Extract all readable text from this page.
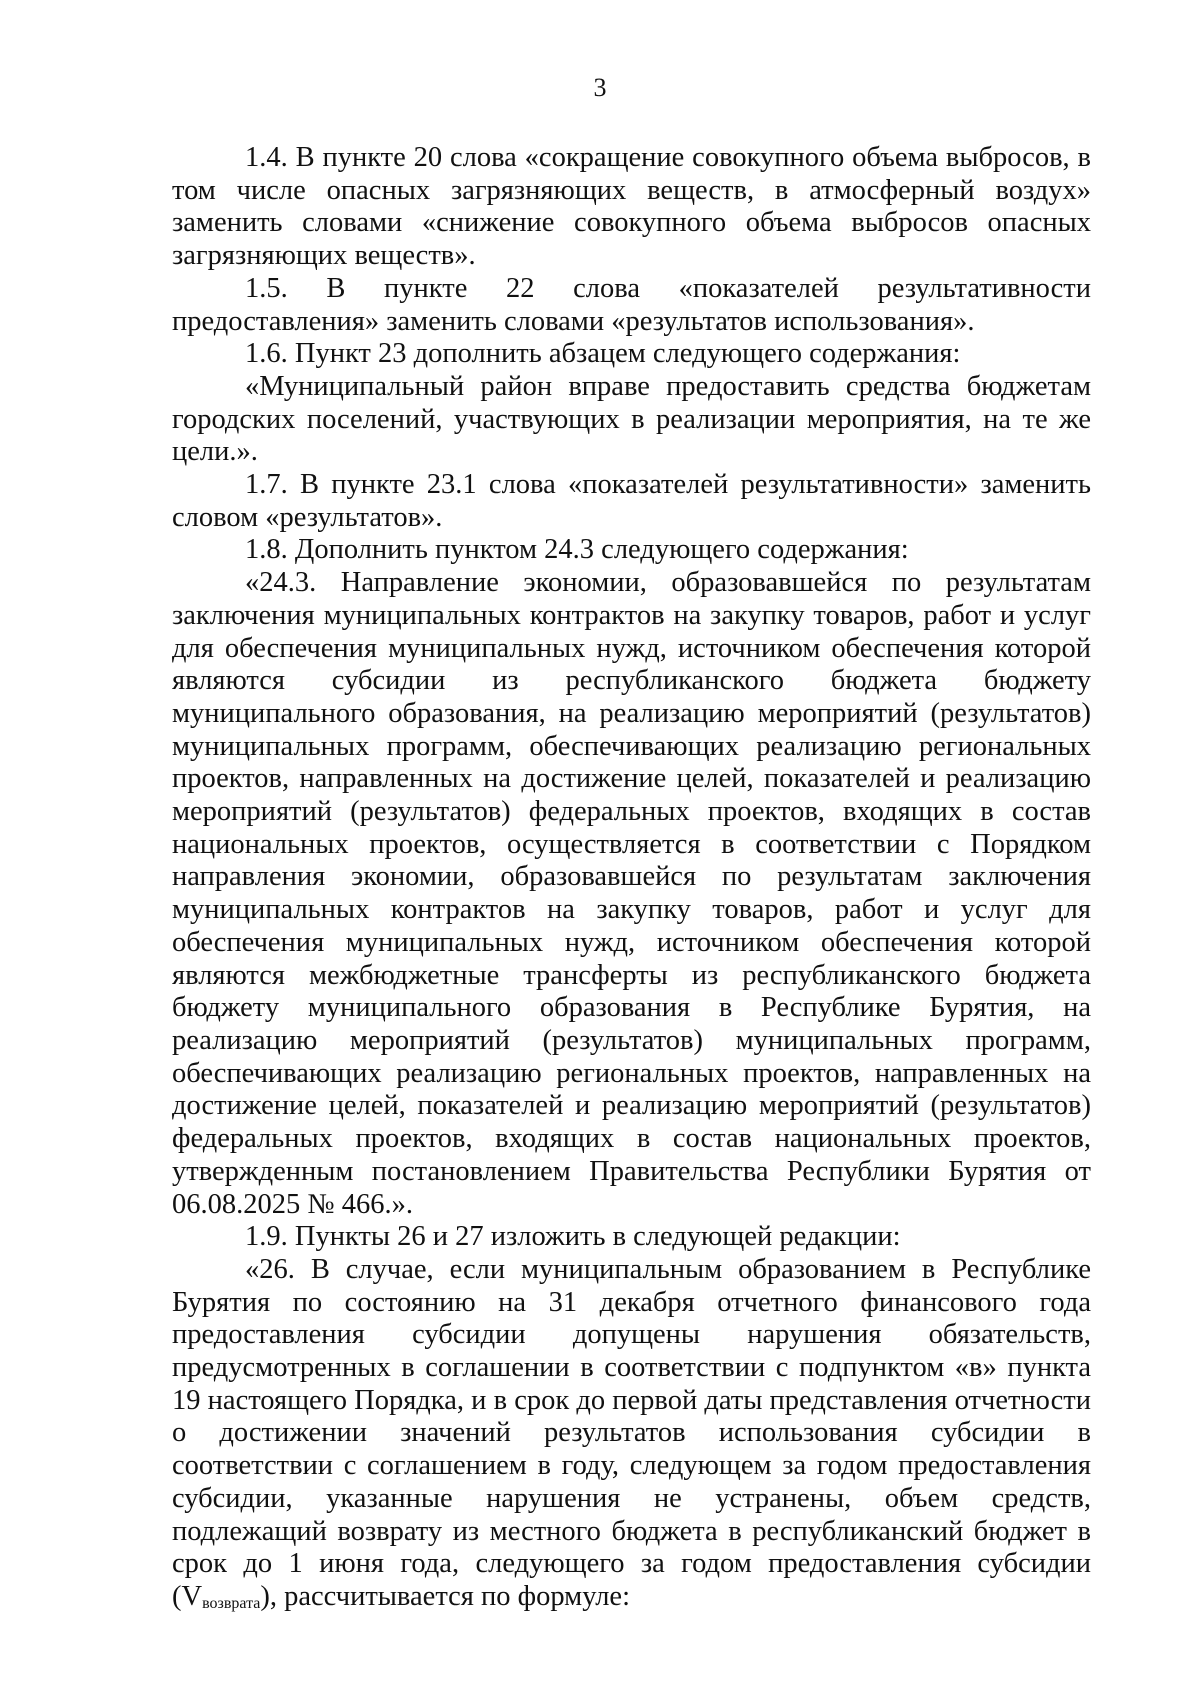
3

1.4. В пункте 20 слова «сокращение совокупного объема выбросов, в том числе опасных загрязняющих веществ, в атмосферный воздух» заменить словами «снижение совокупного объема выбросов опасных загрязняющих веществ».

1.5. В пункте 22 слова «показателей результативности предоставления» заменить словами «результатов использования».

1.6. Пункт 23 дополнить абзацем следующего содержания:

«Муниципальный район вправе предоставить средства бюджетам городских поселений, участвующих в реализации мероприятия, на те же цели.».

1.7. В пункте 23.1 слова «показателей результативности» заменить словом «результатов».

1.8. Дополнить пунктом 24.3 следующего содержания:

«24.3. Направление экономии, образовавшейся по результатам заключения муниципальных контрактов на закупку товаров, работ и услуг для обеспечения муниципальных нужд, источником обеспечения которой являются субсидии из республиканского бюджета бюджету муниципального образования, на реализацию мероприятий (результатов) муниципальных программ, обеспечивающих реализацию региональных проектов, направленных на достижение целей, показателей и реализацию мероприятий (результатов) федеральных проектов, входящих в состав национальных проектов, осуществляется в соответствии с Порядком направления экономии, образовавшейся по результатам заключения муниципальных контрактов на закупку товаров, работ и услуг для обеспечения муниципальных нужд, источником обеспечения которой являются межбюджетные трансферты из республиканского бюджета бюджету муниципального образования в Республике Бурятия, на реализацию мероприятий (результатов) муниципальных программ, обеспечивающих реализацию региональных проектов, направленных на достижение целей, показателей и реализацию мероприятий (результатов) федеральных проектов, входящих в состав национальных проектов, утвержденным постановлением Правительства Республики Бурятия от 06.08.2025 № 466.».

1.9. Пункты 26 и 27 изложить в следующей редакции:

«26. В случае, если муниципальным образованием в Республике Бурятия по состоянию на 31 декабря отчетного финансового года предоставления субсидии допущены нарушения обязательств, предусмотренных в соглашении в соответствии с подпунктом «в» пункта 19 настоящего Порядка, и в срок до первой даты представления отчетности о достижении значений результатов использования субсидии в соответствии с соглашением в году, следующем за годом предоставления субсидии, указанные нарушения не устранены, объем средств, подлежащий возврату из местного бюджета в республиканский бюджет в срок до 1 июня года, следующего за годом предоставления субсидии $(V_{возврата})$, рассчитывается по формуле:
